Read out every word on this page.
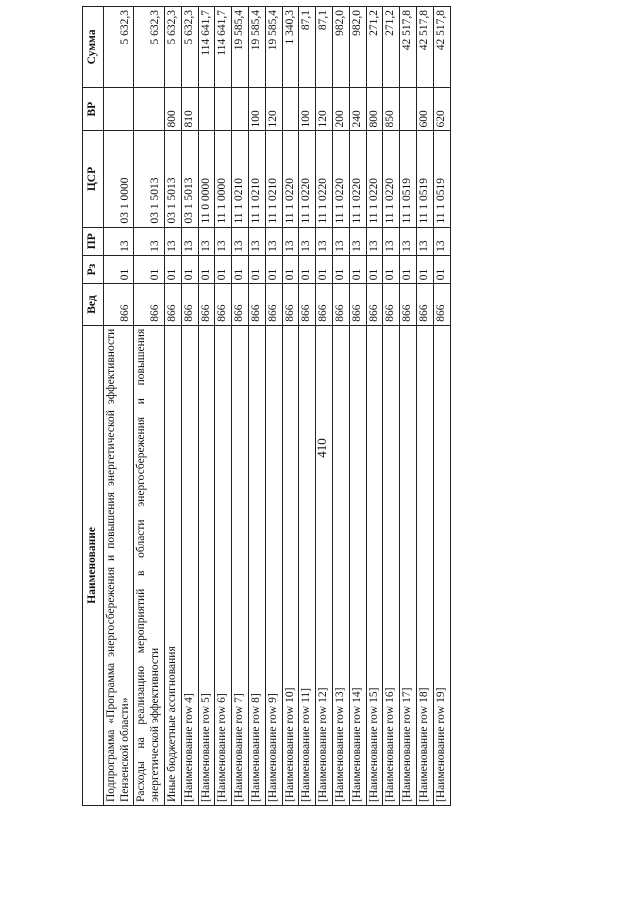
410
Наименование	Вед	Рз	ПР	ЦСР	ВР	Сумма
Подпрограмма «Программа энергосбережения и повышения энергетической эффективности Пензенской области»	866	01	13	03 1 0000		5 632,3
Расходы на реализацию мероприятий в области энергосбережения и повышения энергетической эффективности	866	01	13	03 1 5013		5 632,3
Иные бюджетные ассигнования	866	01	13	03 1 5013	800	5 632,3
[Наименование row 4]	866	01	13	03 1 5013	810	5 632,3
[Наименование row 5]	866	01	13	11 0 0000		114 641,7
[Наименование row 6]	866	01	13	11 1 0000		114 641,7
[Наименование row 7]	866	01	13	11 1 0210		19 585,4
[Наименование row 8]	866	01	13	11 1 0210	100	19 585,4
[Наименование row 9]	866	01	13	11 1 0210	120	19 585,4
[Наименование row 10]	866	01	13	11 1 0220		1 340,3
[Наименование row 11]	866	01	13	11 1 0220	100	87,1
[Наименование row 12]	866	01	13	11 1 0220	120	87,1
[Наименование row 13]	866	01	13	11 1 0220	200	982,0
[Наименование row 14]	866	01	13	11 1 0220	240	982,0
[Наименование row 15]	866	01	13	11 1 0220	800	271,2
[Наименование row 16]	866	01	13	11 1 0220	850	271,2
[Наименование row 17]	866	01	13	11 1 0519		42 517,8
[Наименование row 18]	866	01	13	11 1 0519	600	42 517,8
[Наименование row 19]	866	01	13	11 1 0519	620	42 517,8
